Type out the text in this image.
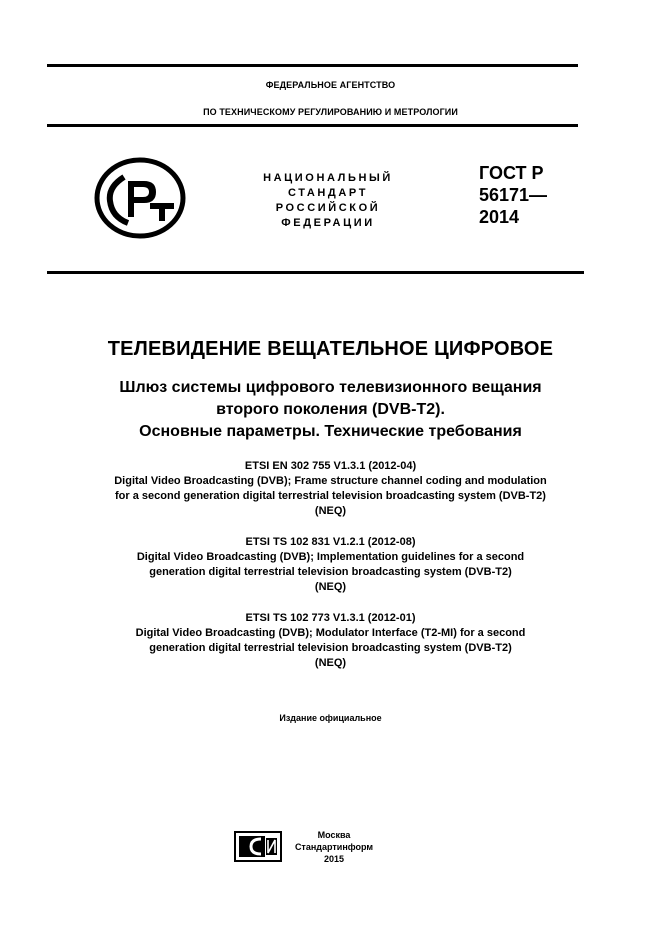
ФЕДЕРАЛЬНОЕ АГЕНТСТВО
ПО ТЕХНИЧЕСКОМУ РЕГУЛИРОВАНИЮ И МЕТРОЛОГИИ
НАЦИОНАЛЬНЫЙ
СТАНДАРТ
РОССИЙСКОЙ
ФЕДЕРАЦИИ
ГОСТ Р
56171—
2014
ТЕЛЕВИДЕНИЕ ВЕЩАТЕЛЬНОЕ ЦИФРОВОЕ
Шлюз системы цифрового телевизионного вещания
второго поколения (DVB-T2).
Основные параметры. Технические требования
ETSI EN 302 755 V1.3.1 (2012-04)
Digital Video Broadcasting (DVB); Frame structure channel coding and modulation
for a second generation digital terrestrial television broadcasting system (DVB-T2)
(NEQ)
ETSI TS 102 831 V1.2.1 (2012-08)
Digital Video Broadcasting (DVB); Implementation guidelines for a second
generation digital terrestrial television broadcasting system (DVB-T2)
(NEQ)
ETSI TS 102 773 V1.3.1 (2012-01)
Digital Video Broadcasting (DVB); Modulator Interface (T2-MI) for a second
generation digital terrestrial television broadcasting system (DVB-T2)
(NEQ)
Издание официальное
Москва
Стандартинформ
2015
